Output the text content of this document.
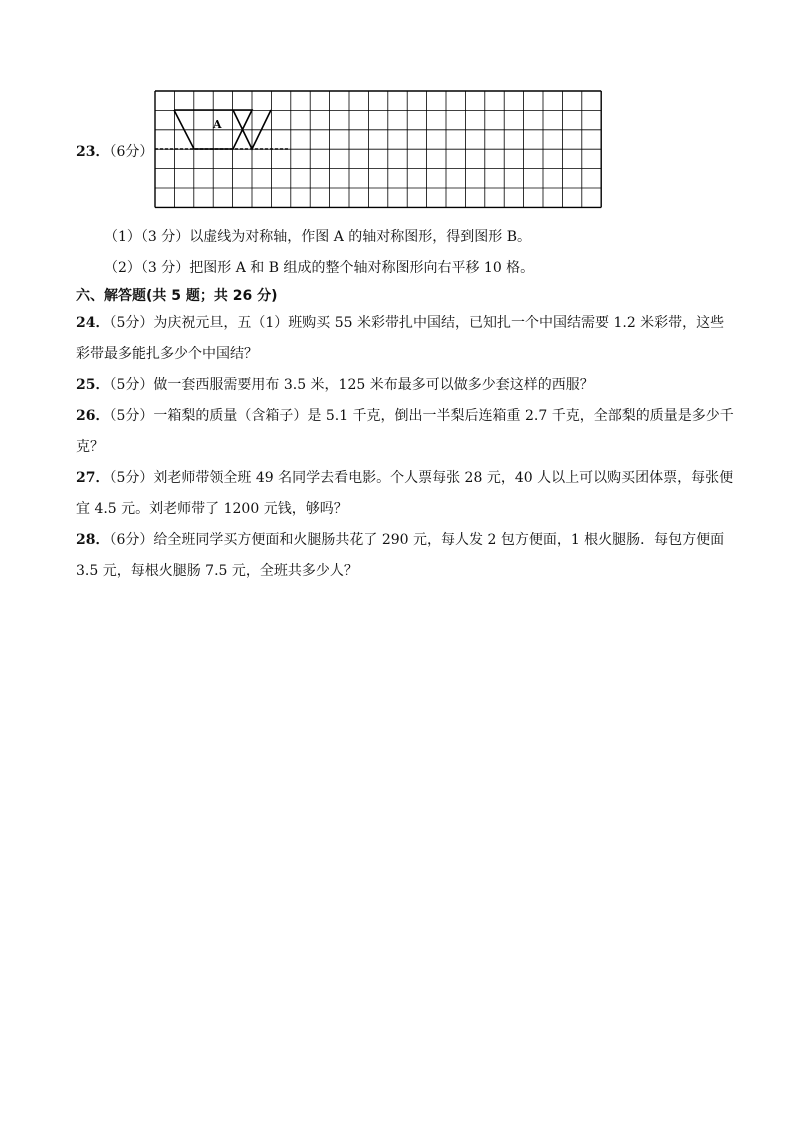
23．（6分）
A
（1）（3 分）以虚线为对称轴，作图 A 的轴对称图形，得到图形 B。
（2）（3 分）把图形 A 和 B 组成的整个轴对称图形向右平移 10 格。
六、解答题(共 5 题；共 26 分)
24．（5分）为庆祝元旦，五（1）班购买 55 米彩带扎中国结，已知扎一个中国结需要 1.2 米彩带，这些
彩带最多能扎多少个中国结？
25．（5分）做一套西服需要用布 3.5 米，125 米布最多可以做多少套这样的西服？
26．（5分）一箱梨的质量（含箱子）是 5.1 千克，倒出一半梨后连箱重 2.7 千克，全部梨的质量是多少千
克？
27．（5分）刘老师带领全班 49 名同学去看电影。个人票每张 28 元，40 人以上可以购买团体票，每张便
宜 4.5 元。刘老师带了 1200 元钱，够吗？
28．（6分）给全班同学买方便面和火腿肠共花了 290 元，每人发 2 包方便面，1 根火腿肠．每包方便面
3.5 元，每根火腿肠 7.5 元，全班共多少人？
